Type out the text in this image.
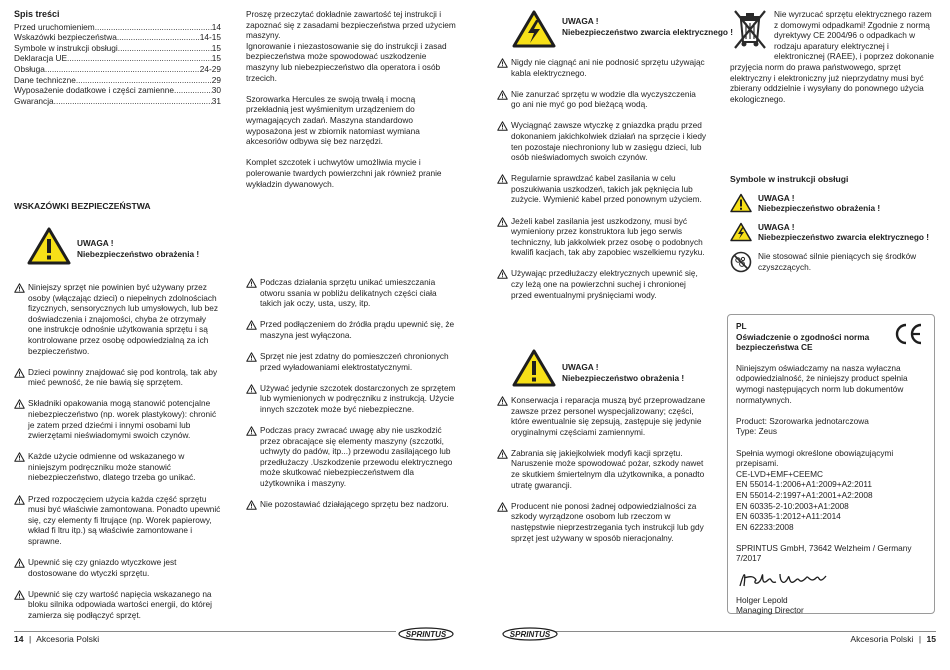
Spis treści
Przed uruchomieniem .....	14
Wskazówki bezpieczeństwa .....	14-15
Symbole w instrukcji obsługi .....	15
Deklaracja UE .....	15
Obsługa .....	24-29
Dane techniczne .....	29
Wyposażenie dodatkowe i części zamienne .....	30
Gwarancja .....	31

Proszę przeczytać dokładnie zawartość tej instrukcji i zapoznać się z zasadami bezpieczeństwa przed użyciem maszyny.

Ignorowanie i niezastosowanie się do instrukcji i zasad bezpieczeństwa może spowodować uszkodzenie maszyny lub niebezpieczeństwo dla operatora i osób trzecich.

Szorowarka Hercules ze swoją trwałą i mocną przekładnią jest wyśmienitym urządzeniem do wymagających zadań. Maszyna standardowo wyposażona jest w zbiornik natomiast wymiana akcesoriów odbywa się bez narzędzi.

Komplet szczotek i uchwytów umożliwia mycie i polerowanie twardych powierzchni jak również pranie wykładzin dywanowych.

WSKAZÓWKI BEZPIECZEŃSTWA
UWAGA !
Niebezpieczeństwo obrażenia !
Niniejszy sprzęt nie powinien być używany przez osoby (włączając dzieci) o niepełnych zdolnościach fizycznych, sensorycznych lub umysłowych, lub bez doświadczenia i znajomości, chyba że otrzymały one instrukcje odnośnie użytkowania sprzętu i są kontrolowane przez osobę odpowiedzialną za ich bezpieczeństwo.
Dzieci powinny znajdować się pod kontrolą, tak aby mieć pewność, że nie bawią się sprzętem.
Składniki opakowania mogą stanowić potencjalne niebezpieczeństwo (np. worek plastykowy): chronić je zatem przed dziećmi i innymi osobami lub zwierzętami nieświadomymi swoich czynów.
Każde użycie odmienne od wskazanego w niniejszym podręczniku może stanowić niebezpieczeństwo, dlatego trzeba go unikać.
Przed rozpoczęciem użycia każda część sprzętu musi być właściwie zamontowana. Ponadto upewnić się, czy elementy fi ltrujące (np. Worek papierowy, wkład fi ltru itp.) są właściwie zamontowane i sprawne.
Upewnić się czy gniazdo wtyczkowe jest dostosowane do wtyczki sprzętu.
Upewnić się czy wartość napięcia wskazanego na bloku silnika odpowiada wartości energii, do której zamierza się podłączyć sprzęt.
Podczas działania sprzętu unikać umieszczania otworu ssania w pobliżu delikatnych części ciała takich jak oczy, usta, uszy, itp.
Przed podłączeniem do źródła prądu upewnić się, że maszyna jest wyłączona.
Sprzęt nie jest zdatny do pomieszczeń chronionych przed wyładowaniami elektrostatycznymi.
Używać jedynie szczotek dostarczonych ze sprzętem lub wymienionych w podręczniku z instrukcją. Użycie innych szczotek może być niebezpieczne.
Podczas pracy zwracać uwagę aby nie uszkodzić przez obracające się elementy maszyny (szczotki, uchwyty do padów, itp...) przewodu zasilającego lub przedłużaczy .Uszkodzenie przewodu elektrycznego może skutkować niebezpieczeństwem dla użytkownika i maszyny.
Nie pozostawiać działającego sprzętu bez nadzoru.
UWAGA !
Niebezpieczeństwo zwarcia elektrycznego !
Nigdy nie ciągnąć ani nie podnosić sprzętu używając kabla elektrycznego.
Nie zanurzać sprzętu w wodzie dla wyczyszczenia go ani nie myć go pod bieżącą wodą.
Wyciągnąć zawsze wtyczkę z gniazdka prądu przed dokonaniem jakichkolwiek działań na sprzęcie i kiedy ten pozostaje niechroniony lub w zasięgu dzieci, lub osób nieświadomych swoich czynów.
Regularnie sprawdzać kabel zasilania w celu poszukiwania uszkodzeń, takich jak pęknięcia lub zużycie. Wymienić kabel przed ponownym użyciem.
Jeżeli kabel zasilania jest uszkodzony, musi być wymieniony przez konstruktora lub jego serwis techniczny, lub jakkolwiek przez osobę o podobnych kwalifi kacjach, tak aby zapobiec wszelkiemu ryzyku.
Używając przedłużaczy elektrycznych upewnić się, czy leżą one na powierzchni suchej i chronionej przed ewentualnymi pryśnięciami wody.
UWAGA !
Niebezpieczeństwo obrażenia !
Konserwacja i reparacja muszą być przeprowadzane zawsze przez personel wyspecjalizowany; części, które ewentualnie się zepsują, zastępuje się jedynie oryginalnymi częściami zamiennymi.
Zabrania się jakiejkolwiek modyfi kacji sprzętu. Naruszenie może spowodować pożar, szkody nawet ze skutkiem śmiertelnym dla użytkownika, a ponadto utratę gwarancji.
Producent nie ponosi żadnej odpowiedzialności za szkody wyrządzone osobom lub rzeczom w następstwie nieprzestrzegania tych instrukcji lub gdy sprzęt jest używany w sposób nieracjonalny.

Nie wyrzucać sprzętu elektrycznego razem z domowymi odpadkami! Zgodnie z normą dyrektywy CE 2004/96 o odpadkach w rodzaju aparatury elektrycznej i elektronicznej (RAEE), i poprzez dokonanie przyjęcia norm do prawa państwowego, sprzęt elektryczny i elektroniczny już nieprzydatny musi być zbierany oddzielnie i wysyłany do ponownego użycia ekologicznego.

Symbole w instrukcji obsługi
UWAGA !
Niebezpieczeństwo obrażenia !
UWAGA !
Niebezpieczeństwo zwarcia elektrycznego !
Nie stosować silnie pieniących się środków czyszczących.
PL
Oświadczenie o zgodności norma bezpieczeństwa CE

Niniejszym oświadczamy na nasza wyłaczna odpowiedzialność, że niniejszy product spełnia wymogi następujących norm lub dokumentów normatywnych.

Product: Szorowarka jednotarczowa

Type: Zeus

Spełnia wymogi określone obowiązującymi przepisami.

CE-LVD+EMF+CEEMC

EN 55014-1:2006+A1:2009+A2:2011

EN 55014-2:1997+A1:2001+A2:2008

EN 60335-2-10:2003+A1:2008

EN 60335-1:2012+A11:2014

EN 62233:2008

SPRINTUS GmbH, 73642 Welzheim / Germany

7/2017

Holger Lepold

Managing Director

14 | Akcesoria Polski	Akcesoria Polski | 15
SPRINTUS	SPRINTUS
